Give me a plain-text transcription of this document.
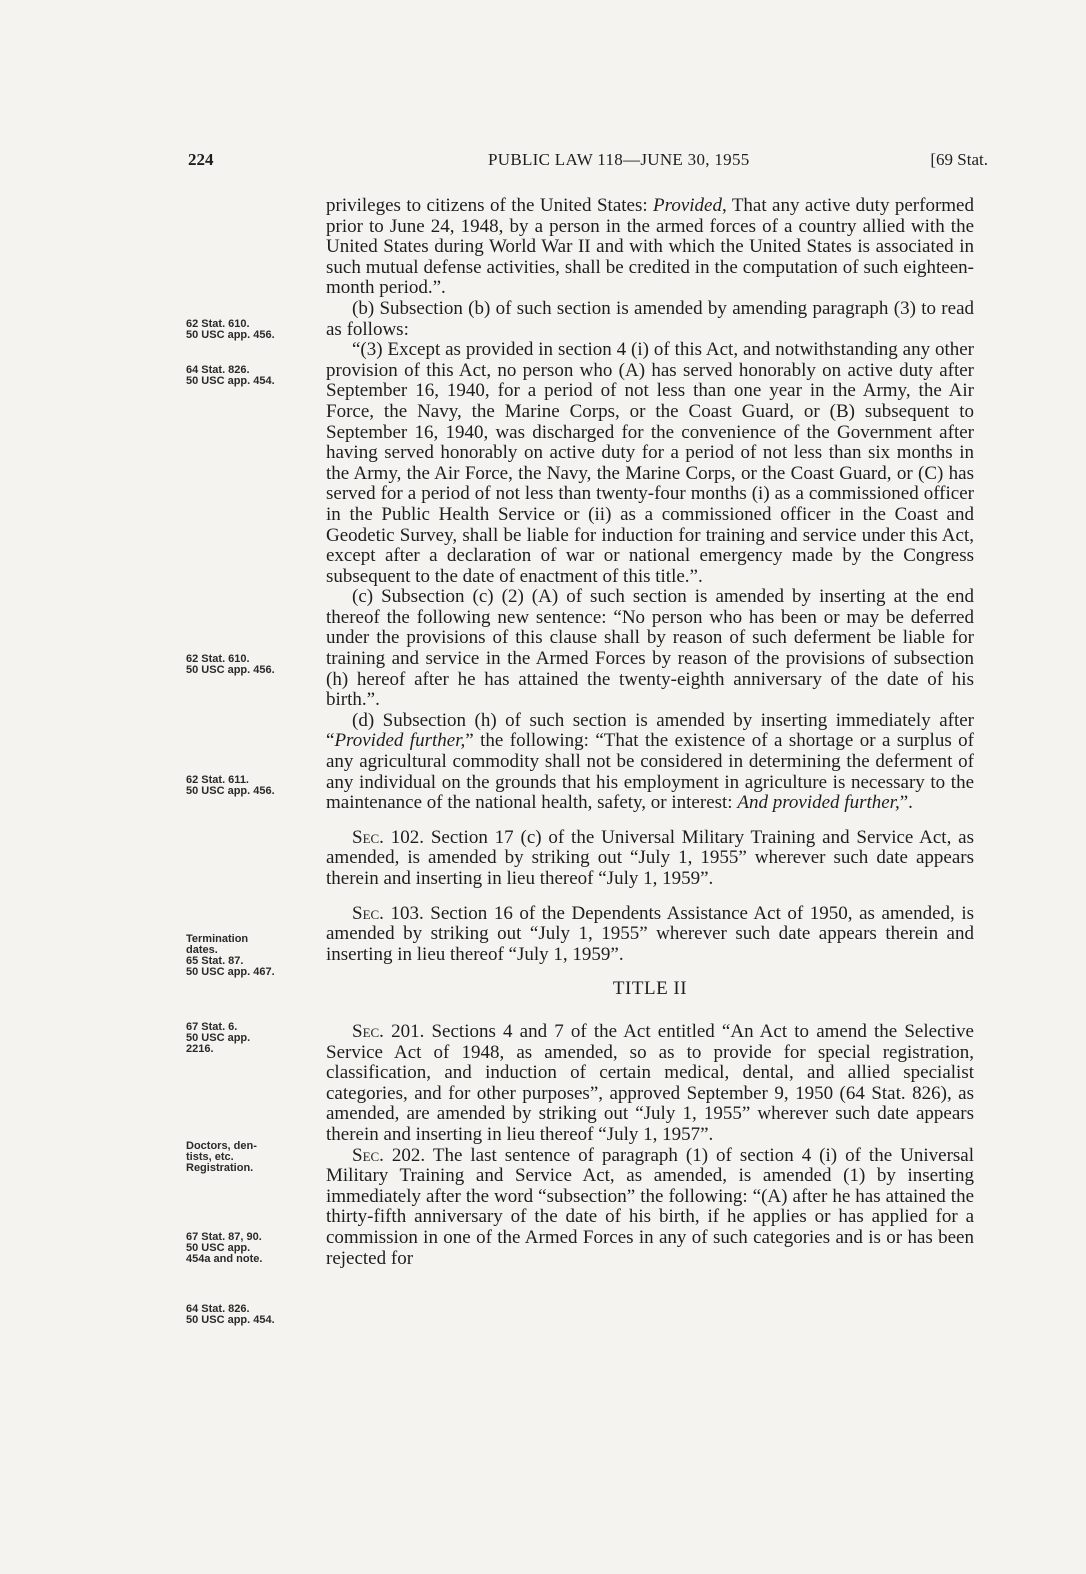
224	PUBLIC LAW 118—JUNE 30, 1955	[69 Stat.
62 Stat. 610.
50 USC app. 456.
64 Stat. 826.
50 USC app. 454.
62 Stat. 610.
50 USC app. 456.
62 Stat. 611.
50 USC app. 456.
Termination
dates.
65 Stat. 87.
50 USC app. 467.
67 Stat. 6.
50 USC app.
2216.
Doctors, den-
tists, etc.
Registration.
67 Stat. 87, 90.
50 USC app.
454a and note.
64 Stat. 826.
50 USC app. 454.

privileges to citizens of the United States: Provided, That any active duty performed prior to June 24, 1948, by a person in the armed forces of a country allied with the United States during World War II and with which the United States is associated in such mutual defense activities, shall be credited in the computation of such eighteen-month period.”.

(b) Subsection (b) of such section is amended by amending paragraph (3) to read as follows:

“(3) Except as provided in section 4 (i) of this Act, and notwithstanding any other provision of this Act, no person who (A) has served honorably on active duty after September 16, 1940, for a period of not less than one year in the Army, the Air Force, the Navy, the Marine Corps, or the Coast Guard, or (B) subsequent to September 16, 1940, was discharged for the convenience of the Government after having served honorably on active duty for a period of not less than six months in the Army, the Air Force, the Navy, the Marine Corps, or the Coast Guard, or (C) has served for a period of not less than twenty-four months (i) as a commissioned officer in the Public Health Service or (ii) as a commissioned officer in the Coast and Geodetic Survey, shall be liable for induction for training and service under this Act, except after a declaration of war or national emergency made by the Congress subsequent to the date of enactment of this title.”.

(c) Subsection (c) (2) (A) of such section is amended by inserting at the end thereof the following new sentence: “No person who has been or may be deferred under the provisions of this clause shall by reason of such deferment be liable for training and service in the Armed Forces by reason of the provisions of subsection (h) hereof after he has attained the twenty-eighth anniversary of the date of his birth.”.

(d) Subsection (h) of such section is amended by inserting immediately after “Provided further,” the following: “That the existence of a shortage or a surplus of any agricultural commodity shall not be considered in determining the deferment of any individual on the grounds that his employment in agriculture is necessary to the maintenance of the national health, safety, or interest: And provided further,”.

Sec. 102. Section 17 (c) of the Universal Military Training and Service Act, as amended, is amended by striking out “July 1, 1955” wherever such date appears therein and inserting in lieu thereof “July 1, 1959”.

Sec. 103. Section 16 of the Dependents Assistance Act of 1950, as amended, is amended by striking out “July 1, 1955” wherever such date appears therein and inserting in lieu thereof “July 1, 1959”.

TITLE II

Sec. 201. Sections 4 and 7 of the Act entitled “An Act to amend the Selective Service Act of 1948, as amended, so as to provide for special registration, classification, and induction of certain medical, dental, and allied specialist categories, and for other purposes”, approved September 9, 1950 (64 Stat. 826), as amended, are amended by striking out “July 1, 1955” wherever such date appears therein and inserting in lieu thereof “July 1, 1957”.

Sec. 202. The last sentence of paragraph (1) of section 4 (i) of the Universal Military Training and Service Act, as amended, is amended (1) by inserting immediately after the word “subsection” the following: “(A) after he has attained the thirty-fifth anniversary of the date of his birth, if he applies or has applied for a commission in one of the Armed Forces in any of such categories and is or has been rejected for
